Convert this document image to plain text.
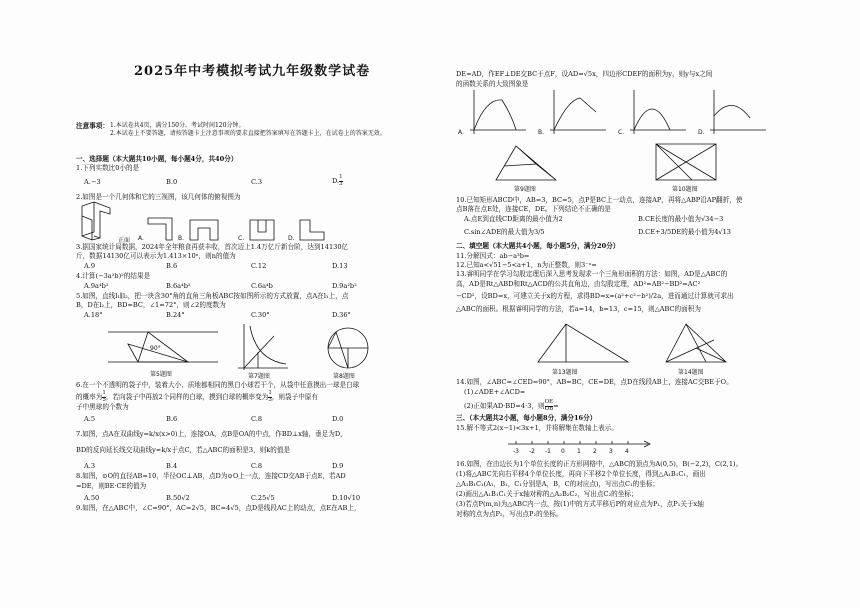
2025年中考模拟考试九年级数学试卷
注意事项： 1.本试卷共4页，满分150分，考试时间120分钟。
2.本试卷上不要答题，请按答题卡上注意事项的要求直接把答案填写在答题卡上，在试卷上的答案无效。
一、选择题（本大题共10小题，每小题4分，共40分）
1.下列实数比0小的是
A.−3	B.0	C.3	D. $\frac{1}{3}$
2.如图是一个几何体和它的三视图，该几何体的俯视图为
正面 A.	B.	C.	D.
3.据国家统计局数据，2024年全年粮食再获丰收，首次迈上1.4万亿斤新台阶，达到14130亿
斤，数据14130亿可以表示为1.413×10ⁿ，则n的值为
A.9	B.6	C.12	D.13
4.计算(−3a²b)²的结果是
A.9a⁴b²	B.6a⁴b²	C.6a⁴b	D.9a²b²
5.如图，直线l₁∥l₂，把一块含30°角的直角三角板ABC按如图所示的方式放置，点A在l₁上，点
B，D在l₂上，BD=BC，∠1=72°，则∠2的度数为
A.18°	B.24°	C.30°	D.36°
90°
第5题图	第7题图	第8题图
6.在一个不透明的袋子中，装着大小、质地都相同的黑白小球若干个，从袋中任意摸出一球是白球
的概率为 $\frac{1}{5}$ ，若向袋子中再放2个同样的白球，摸到白球的概率变为 $\frac{1}{3}$ ，则袋子中原有
子中黑球的个数为
A.5	B.6	C.8	D.0
7.如图，点A在双曲线y=k/x(x>0)上，连接OA，点B是OA的中点，作BD⊥x轴，垂足为D，
BD的反向延长线交双曲线y=k/x于点C，若△ABC的面积是3，则k的值是
A.3	B.4	C.8	D.9
8.如图，⊙O的直径AB=10，半径OC⊥AB，点D为⊙O上一点，连接CD交AB于点E，若AD
=DE，则BE·CE的值为
A.50	B.50√2	C.25√5	D.10√10
9.如图，在△ABC中，∠C=90°，AC=2√5，BC=4√5，点D是线段AC上的动点，点E在AB上，
DE=AD，作EF⊥DE交BC于点F，设AD=√5x，四边形CDEF的面积为y，则y与x之间
的函数关系的大致图象是
A.	B.	C.	D.
第9题图	第10题图
10.已知矩形ABCD中，AB=3，BC=5，点P是BC上一动点，连接AP，再将△ABP沿AP翻折，使
点B落在点E处，连接CE，DE。下列结论不正确的是
A.点E到直线CD距离的最小值为2	B.CE长度的最小值为√34−3
C.sin∠ADE的最大值为3/5	D.CE+3/5DE的最小值为4√13
二、填空题（本大题共4小题，每小题5分，满分20分）
11.分解因式：ab−a³b=
12.已知a<√51−5<a+1，n为正整数，则3⁻ᵃ=
13.睿明同学在学习勾股定理后深入思考发现求一个三角形面积的方法：如图，AD是△ABC的
高，AD是Rt△ABD和Rt△ACD的公共直角边，由勾股定理，AD²=AB²−BD²=AC²
−CD²，设BD=x，可建立关于x的方程，求得BD=x=(a²+c²−b²)/2a，进而通过计算就可求出
△ABC的面积。根据睿明同学的方法，若a=14，b=13，c=15，则△ABC的面积为
第13题图	第14题图
14.如图，∠ABC=∠CED=90°，AB=BC，CE=DE，点D在线段AB上，连接AC交BE于O。
(1)∠ADE+∠ACD=
(2)正如果AD·BD=4·3，则 $\frac{OE}{OB}$ =
三、（本大题共2小题，每小题8分，满分16分）
15.解不等式2(x−1)<3x+1，并将解集在数轴上表示。
-3 -2 -1 0 1 2 3 4
16.如图，在由边长为1个单位长度的正方形网格中，△ABC的顶点为A(0,5)，B(−2,2)，C(2,1)。
(1)将△ABC先向右平移4个单位长度，再向下平移2个单位长度，得到△A₁B₁C₁，画出
△A₁B₁C₁(A₁，B₁，C₁分别是A，B，C的对应点)，写出点C₁的坐标；
(2)画出△A₁B₁C₁关于x轴对称的△A₂B₂C₂，写出点C₂的坐标；
(3)若点P(m,n)为△ABC内一点，按(1)中的方式平移后P的对应点为P₁，点P₁关于x轴
对称的点为点P₂，写出点P₂的坐标。
